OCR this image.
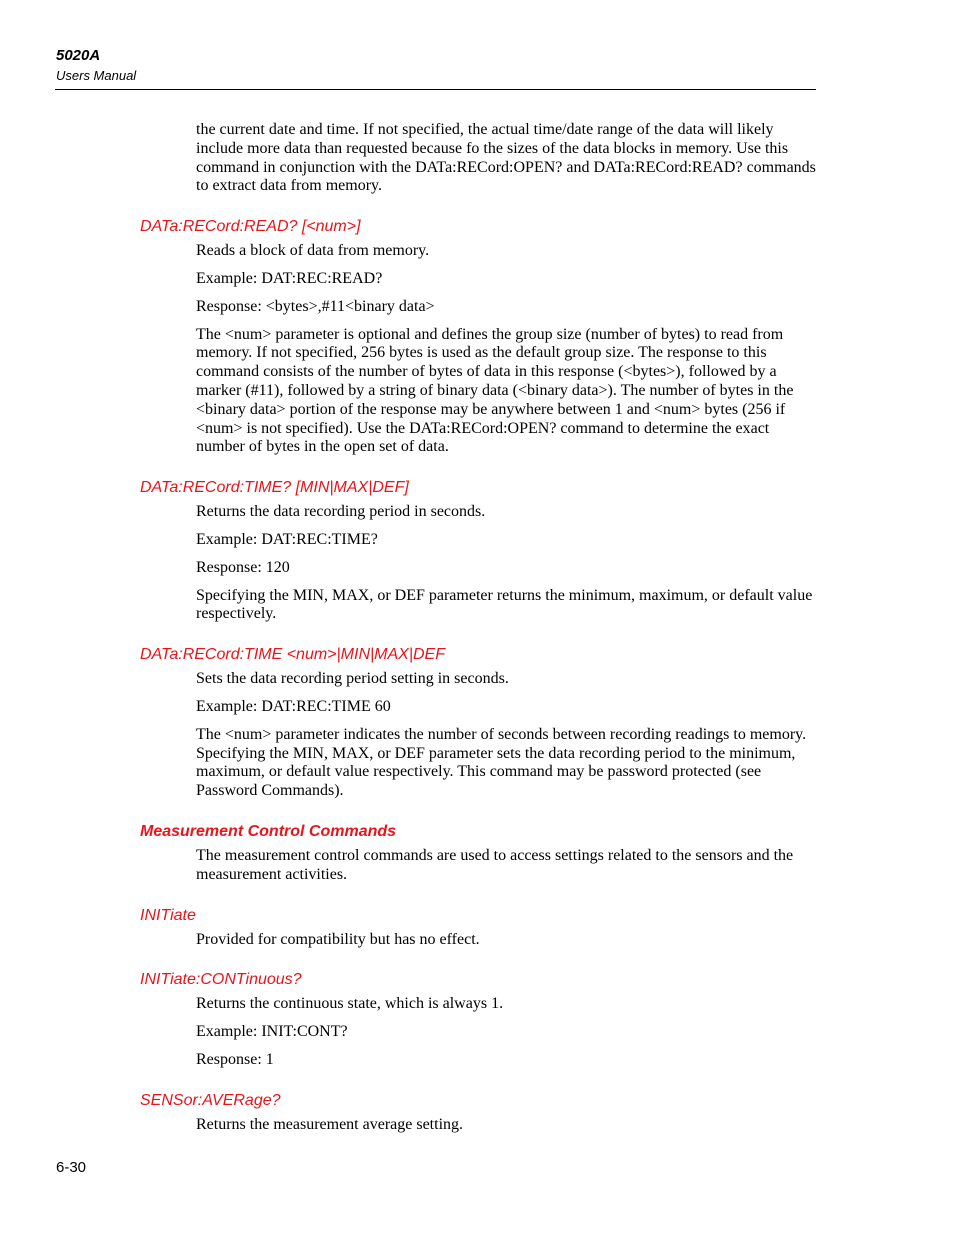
5020A
Users Manual

the current date and time. If not specified, the actual time/date range of the data will likely include more data than requested because fo the sizes of the data blocks in memory. Use this command in conjunction with the DATa:RECord:OPEN? and DATa:RECord:READ? commands to extract data from memory.

DATa:RECord:READ? [<num>]

Reads a block of data from memory.

Example: DAT:REC:READ?

Response: <bytes>,#11<binary data>

The <num> parameter is optional and defines the group size (number of bytes) to read from memory. If not specified, 256 bytes is used as the default group size. The response to this command consists of the number of bytes of data in this response (<bytes>), followed by a marker (#11), followed by a string of binary data (<binary data>). The number of bytes in the <binary data> portion of the response may be anywhere between 1 and <num> bytes (256 if <num> is not specified). Use the DATa:RECord:OPEN? command to determine the exact number of bytes in the open set of data.

DATa:RECord:TIME? [MIN|MAX|DEF]

Returns the data recording period in seconds.

Example: DAT:REC:TIME?

Response: 120

Specifying the MIN, MAX, or DEF parameter returns the minimum, maximum, or default value respectively.

DATa:RECord:TIME <num>|MIN|MAX|DEF

Sets the data recording period setting in seconds.

Example: DAT:REC:TIME 60

The <num> parameter indicates the number of seconds between recording readings to memory. Specifying the MIN, MAX, or DEF parameter sets the data recording period to the minimum, maximum, or default value respectively. This command may be password protected (see Password Commands).

Measurement Control Commands

The measurement control commands are used to access settings related to the sensors and the measurement activities.

INITiate

Provided for compatibility but has no effect.

INITiate:CONTinuous?

Returns the continuous state, which is always 1.

Example: INIT:CONT?

Response: 1

SENSor:AVERage?

Returns the measurement average setting.

6-30
